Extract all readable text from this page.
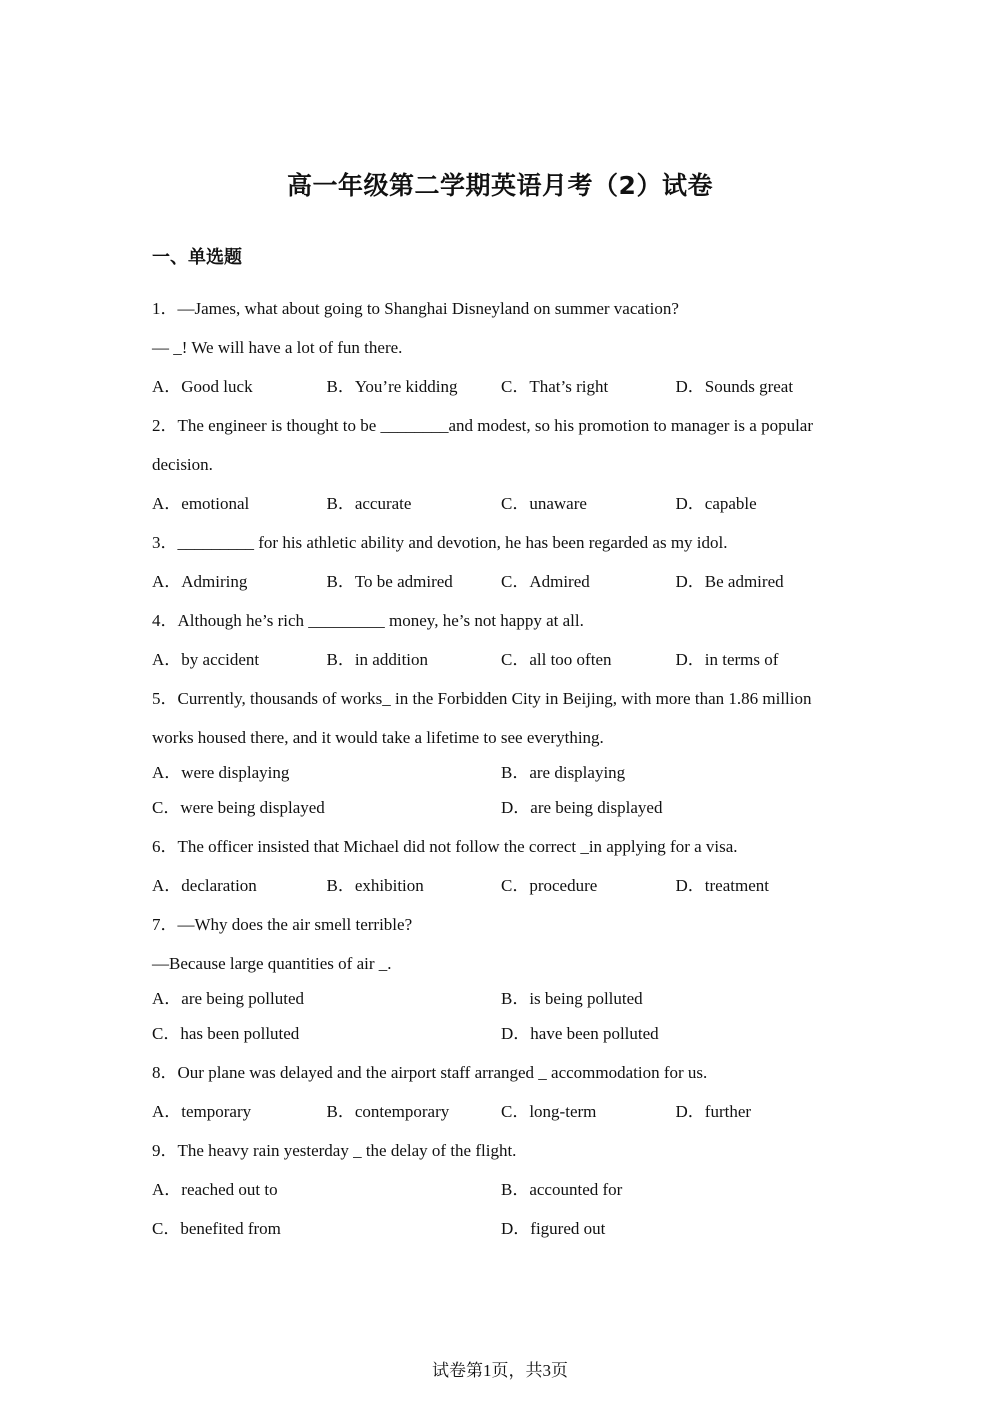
高一年级第二学期英语月考（2）试卷
一、单选题
1．—James, what about going to Shanghai Disneyland on summer vacation?
— _! We will have a lot of fun there.
A．Good luck	B．You’re kidding	C．That’s right	D．Sounds great
2．The engineer is thought to be ________and modest, so his promotion to manager is a popular decision.
A．emotional	B．accurate	C．unaware	D．capable
3．_________ for his athletic ability and devotion, he has been regarded as my idol.
A．Admiring	B．To be admired	C．Admired	D．Be admired
4．Although he’s rich _________ money, he’s not happy at all.
A．by accident	B．in addition	C．all too often	D．in terms of
5．Currently, thousands of works_ in the Forbidden City in Beijing, with more than 1.86 million works housed there, and it would take a lifetime to see everything.
A．were displaying	B．are displaying
C．were being displayed	D．are being displayed
6．The officer insisted that Michael did not follow the correct _in applying for a visa.
A．declaration	B．exhibition	C．procedure	D．treatment
7．—Why does the air smell terrible?
—Because large quantities of air _.
A．are being polluted	B．is being polluted
C．has been polluted	D．have been polluted
8．Our plane was delayed and the airport staff arranged _ accommodation for us.
A．temporary	B．contemporary	C．long-term	D．further
9．The heavy rain yesterday _ the delay of the flight.
A．reached out to	B．accounted for
C．benefited from	D．figured out
试卷第1页，共3页
